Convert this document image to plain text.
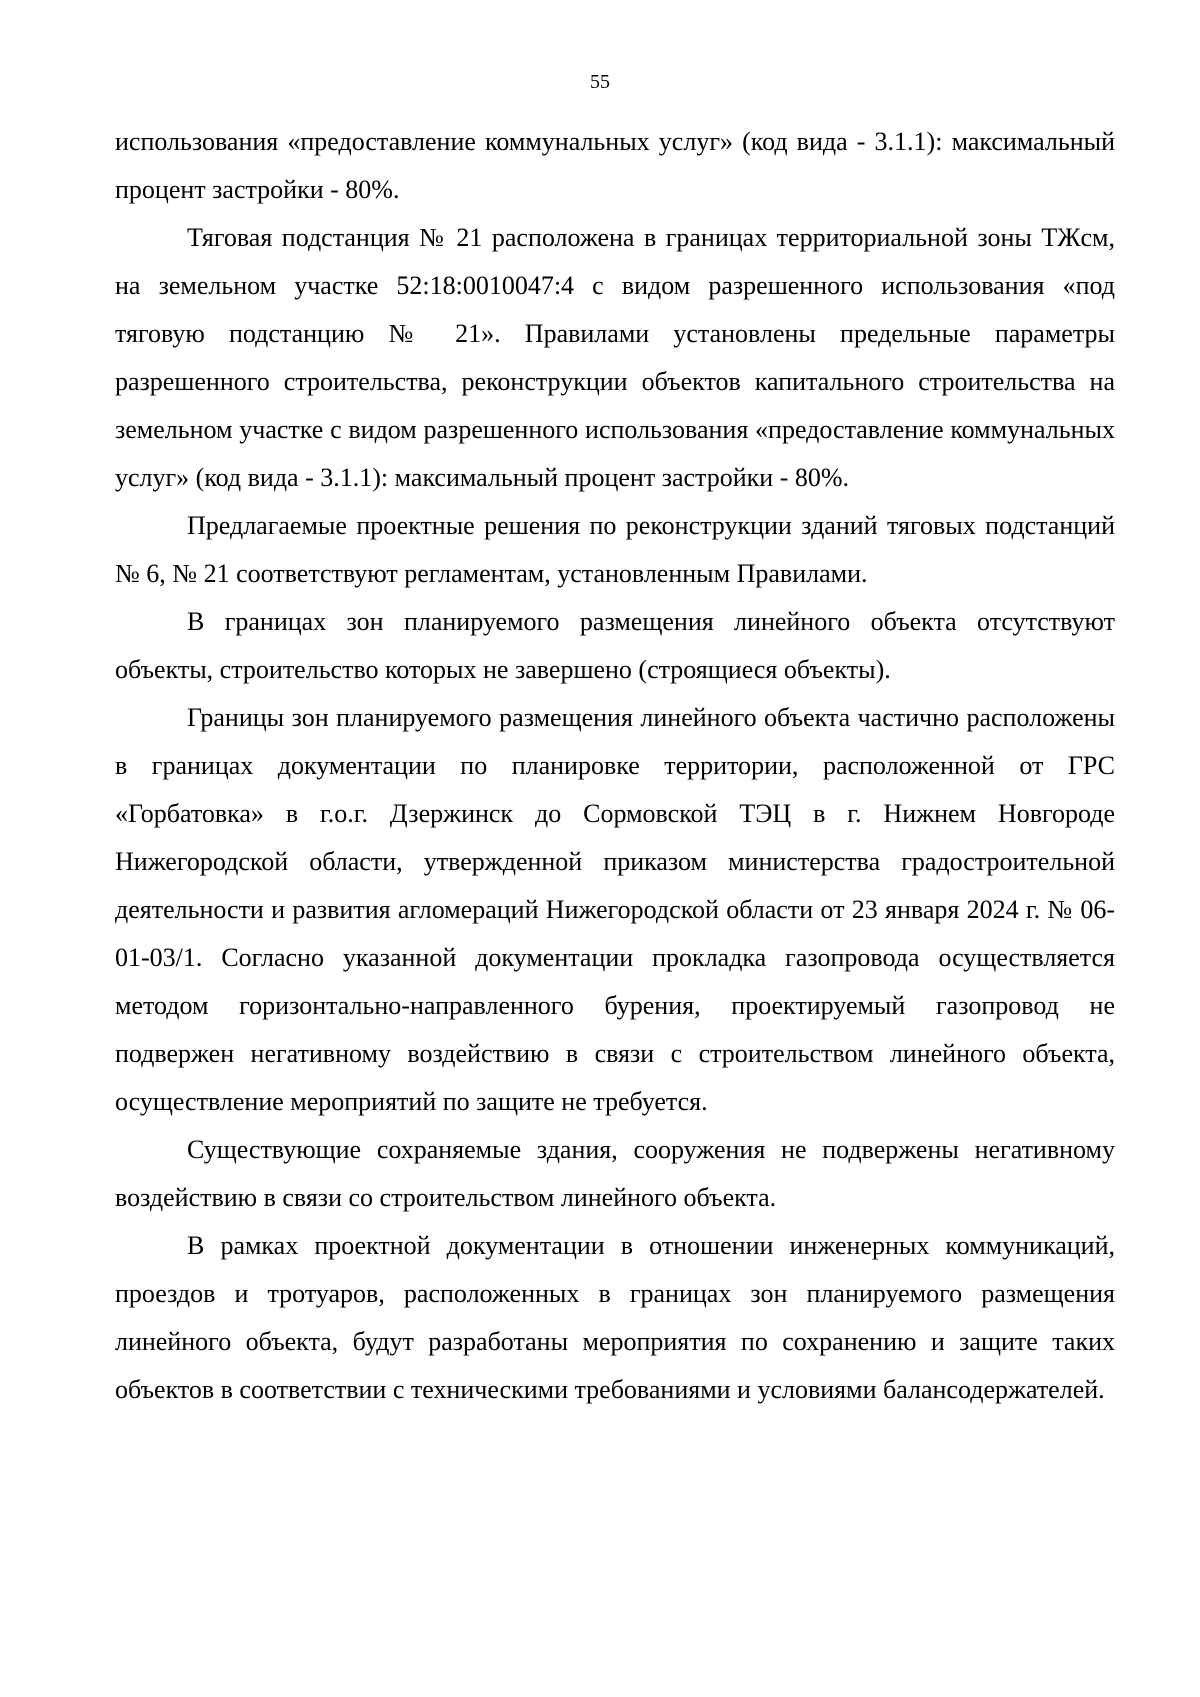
55

использования «предоставление коммунальных услуг» (код вида - 3.1.1): максимальный процент застройки - 80%.

Тяговая подстанция № 21 расположена в границах территориальной зоны ТЖсм, на земельном участке 52:18:0010047:4 с видом разрешенного использования «под тяговую подстанцию № 21». Правилами установлены предельные параметры разрешенного строительства, реконструкции объектов капитального строительства на земельном участке с видом разрешенного использования «предоставление коммунальных услуг» (код вида - 3.1.1): максимальный процент застройки - 80%.

Предлагаемые проектные решения по реконструкции зданий тяговых подстанций № 6, № 21 соответствуют регламентам, установленным Правилами.

В границах зон планируемого размещения линейного объекта отсутствуют объекты, строительство которых не завершено (строящиеся объекты).

Границы зон планируемого размещения линейного объекта частично расположены в границах документации по планировке территории, расположенной от ГРС «Горбатовка» в г.о.г. Дзержинск до Сормовской ТЭЦ в г. Нижнем Новгороде Нижегородской области, утвержденной приказом министерства градостроительной деятельности и развития агломераций Нижегородской области от 23 января 2024 г. № 06-01-03/1. Согласно указанной документации прокладка газопровода осуществляется методом горизонтально-направленного бурения, проектируемый газопровод не подвержен негативному воздействию в связи с строительством линейного объекта, осуществление мероприятий по защите не требуется.

Существующие сохраняемые здания, сооружения не подвержены негативному воздействию в связи со строительством линейного объекта.

В рамках проектной документации в отношении инженерных коммуникаций, проездов и тротуаров, расположенных в границах зон планируемого размещения линейного объекта, будут разработаны мероприятия по сохранению и защите таких объектов в соответствии с техническими требованиями и условиями балансодержателей.
